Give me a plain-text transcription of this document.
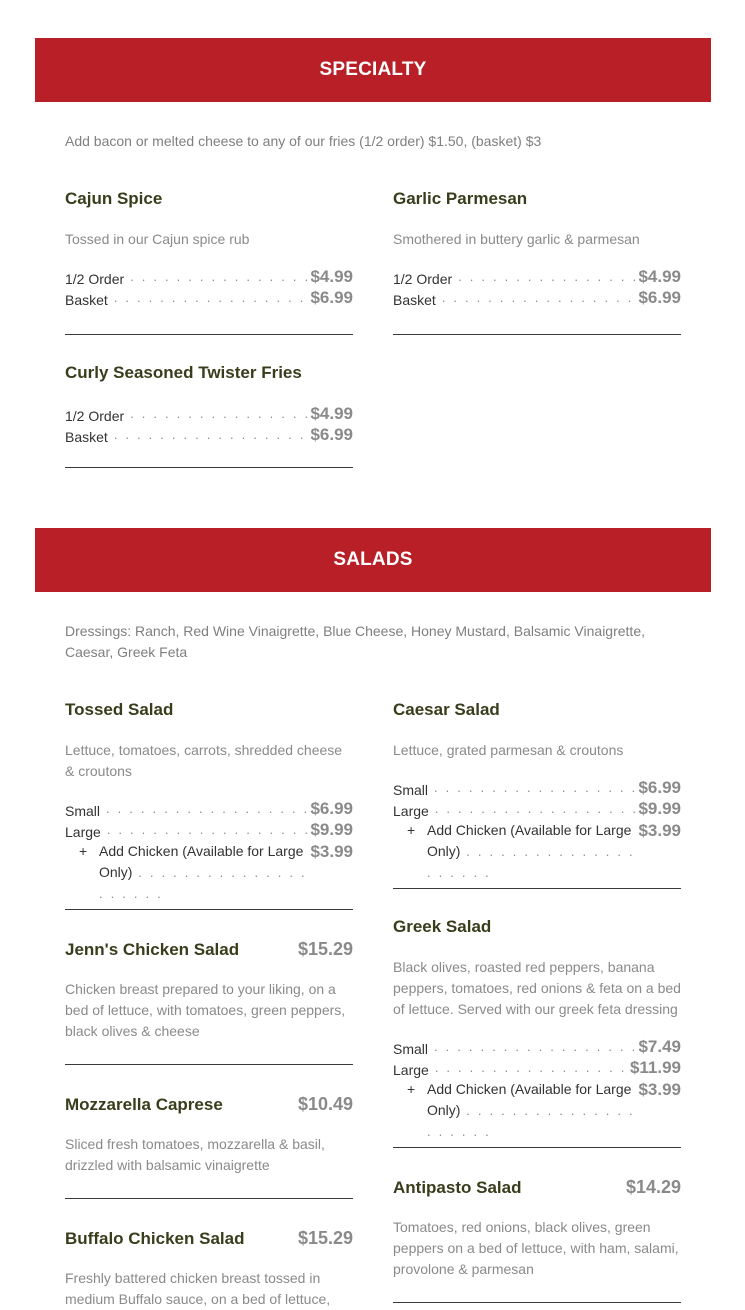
SPECIALTY
Add bacon or melted cheese to any of our fries (1/2 order) $1.50, (basket) $3
Cajun Spice
Tossed in our Cajun spice rub
1/2 Order . . .	$4.99
Basket . . .	$6.99
Garlic Parmesan
Smothered in buttery garlic & parmesan
1/2 Order . . .	$4.99
Basket . . .	$6.99
Curly Seasoned Twister Fries
1/2 Order . . .	$4.99
Basket . . .	$6.99
SALADS
Dressings: Ranch, Red Wine Vinaigrette, Blue Cheese, Honey Mustard, Balsamic Vinaigrette, Caesar, Greek Feta
Tossed Salad
Lettuce, tomatoes, carrots, shredded cheese & croutons
Small . . .	$6.99
Large . . .	$9.99
+ Add Chicken (Available for Large Only). . .
$3.99
Caesar Salad
Lettuce, grated parmesan & croutons
Small . . .	$6.99
Large . . .	$9.99
+ Add Chicken (Available for Large Only). . .
$3.99
Jenn's Chicken Salad	$15.29
Chicken breast prepared to your liking, on a bed of lettuce, with tomatoes, green peppers, black olives & cheese
Greek Salad
Black olives, roasted red peppers, banana peppers, tomatoes, red onions & feta on a bed of lettuce. Served with our greek feta dressing
Small . . .	$7.49
Large . . .	$11.99
+ Add Chicken (Available for Large Only). . .
$3.99
Mozzarella Caprese	$10.49
Sliced fresh tomatoes, mozzarella & basil, drizzled with balsamic vinaigrette
Antipasto Salad	$14.29
Tomatoes, red onions, black olives, green peppers on a bed of lettuce, with ham, salami, provolone & parmesan
Buffalo Chicken Salad	$15.29
Freshly battered chicken breast tossed in medium Buffalo sauce, on a bed of lettuce,
